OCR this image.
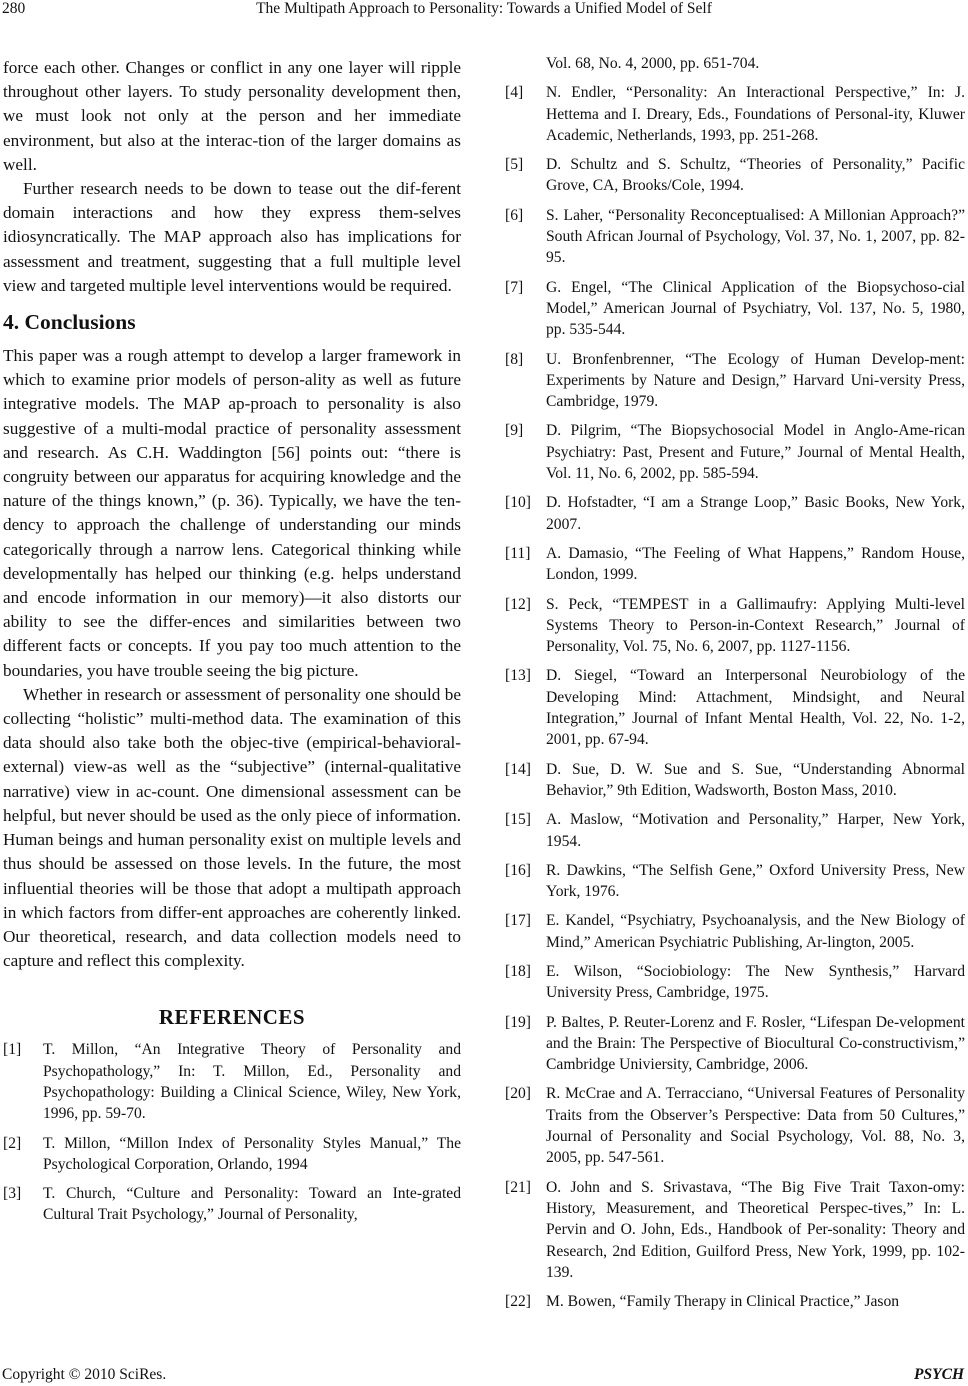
280	The Multipath Approach to Personality: Towards a Unified Model of Self

force each other. Changes or conflict in any one layer will ripple throughout other layers. To study personality development then, we must look not only at the person and her immediate environment, but also at the interac-tion of the larger domains as well.

Further research needs to be down to tease out the dif-ferent domain interactions and how they express them-selves idiosyncratically. The MAP approach also has implications for assessment and treatment, suggesting that a full multiple level view and targeted multiple level interventions would be required.

4. Conclusions

This paper was a rough attempt to develop a larger framework in which to examine prior models of person-ality as well as future integrative models. The MAP ap-proach to personality is also suggestive of a multi-modal practice of personality assessment and research. As C.H. Waddington [56] points out: “there is congruity between our apparatus for acquiring knowledge and the nature of the things known,” (p. 36). Typically, we have the ten-dency to approach the challenge of understanding our minds categorically through a narrow lens. Categorical thinking while developmentally has helped our thinking (e.g. helps understand and encode information in our memory)—it also distorts our ability to see the differ-ences and similarities between two different facts or concepts. If you pay too much attention to the boundaries, you have trouble seeing the big picture.

Whether in research or assessment of personality one should be collecting “holistic” multi-method data. The examination of this data should also take both the objec-tive (empirical-behavioral-external) view-as well as the “subjective” (internal-qualitative narrative) view in ac-count. One dimensional assessment can be helpful, but never should be used as the only piece of information. Human beings and human personality exist on multiple levels and thus should be assessed on those levels. In the future, the most influential theories will be those that adopt a multipath approach in which factors from differ-ent approaches are coherently linked. Our theoretical, research, and data collection models need to capture and reflect this complexity.

REFERENCES
[1] T. Millon, “An Integrative Theory of Personality and Psychopathology,” In: T. Millon, Ed., Personality and Psychopathology: Building a Clinical Science, Wiley, New York, 1996, pp. 59-70.
[2] T. Millon, “Millon Index of Personality Styles Manual,” The Psychological Corporation, Orlando, 1994
[3] T. Church, “Culture and Personality: Toward an Inte-grated Cultural Trait Psychology,” Journal of Personality,
Vol. 68, No. 4, 2000, pp. 651-704.
[4] N. Endler, “Personality: An Interactional Perspective,” In: J. Hettema and I. Dreary, Eds., Foundations of Personal-ity, Kluwer Academic, Netherlands, 1993, pp. 251-268.
[5] D. Schultz and S. Schultz, “Theories of Personality,” Pacific Grove, CA, Brooks/Cole, 1994.
[6] S. Laher, “Personality Reconceptualised: A Millonian Approach?” South African Journal of Psychology, Vol. 37, No. 1, 2007, pp. 82-95.
[7] G. Engel, “The Clinical Application of the Biopsychoso-cial Model,” American Journal of Psychiatry, Vol. 137, No. 5, 1980, pp. 535-544.
[8] U. Bronfenbrenner, “The Ecology of Human Develop-ment: Experiments by Nature and Design,” Harvard Uni-versity Press, Cambridge, 1979.
[9] D. Pilgrim, “The Biopsychosocial Model in Anglo-Ame-rican Psychiatry: Past, Present and Future,” Journal of Mental Health, Vol. 11, No. 6, 2002, pp. 585-594.
[10] D. Hofstadter, “I am a Strange Loop,” Basic Books, New York, 2007.
[11] A. Damasio, “The Feeling of What Happens,” Random House, London, 1999.
[12] S. Peck, “TEMPEST in a Gallimaufry: Applying Multi-level Systems Theory to Person-in-Context Research,” Journal of Personality, Vol. 75, No. 6, 2007, pp. 1127-1156.
[13] D. Siegel, “Toward an Interpersonal Neurobiology of the Developing Mind: Attachment, Mindsight, and Neural Integration,” Journal of Infant Mental Health, Vol. 22, No. 1-2, 2001, pp. 67-94.
[14] D. Sue, D. W. Sue and S. Sue, “Understanding Abnormal Behavior,” 9th Edition, Wadsworth, Boston Mass, 2010.
[15] A. Maslow, “Motivation and Personality,” Harper, New York, 1954.
[16] R. Dawkins, “The Selfish Gene,” Oxford University Press, New York, 1976.
[17] E. Kandel, “Psychiatry, Psychoanalysis, and the New Biology of Mind,” American Psychiatric Publishing, Ar-lington, 2005.
[18] E. Wilson, “Sociobiology: The New Synthesis,” Harvard University Press, Cambridge, 1975.
[19] P. Baltes, P. Reuter-Lorenz and F. Rosler, “Lifespan De-velopment and the Brain: The Perspective of Biocultural Co-constructivism,” Cambridge Univiersity, Cambridge, 2006.
[20] R. McCrae and A. Terracciano, “Universal Features of Personality Traits from the Observer’s Perspective: Data from 50 Cultures,” Journal of Personality and Social Psychology, Vol. 88, No. 3, 2005, pp. 547-561.
[21] O. John and S. Srivastava, “The Big Five Trait Taxon-omy: History, Measurement, and Theoretical Perspec-tives,” In: L. Pervin and O. John, Eds., Handbook of Per-sonality: Theory and Research, 2nd Edition, Guilford Press, New York, 1999, pp. 102-139.
[22] M. Bowen, “Family Therapy in Clinical Practice,” Jason
Copyright © 2010 SciRes.	PSYCH
